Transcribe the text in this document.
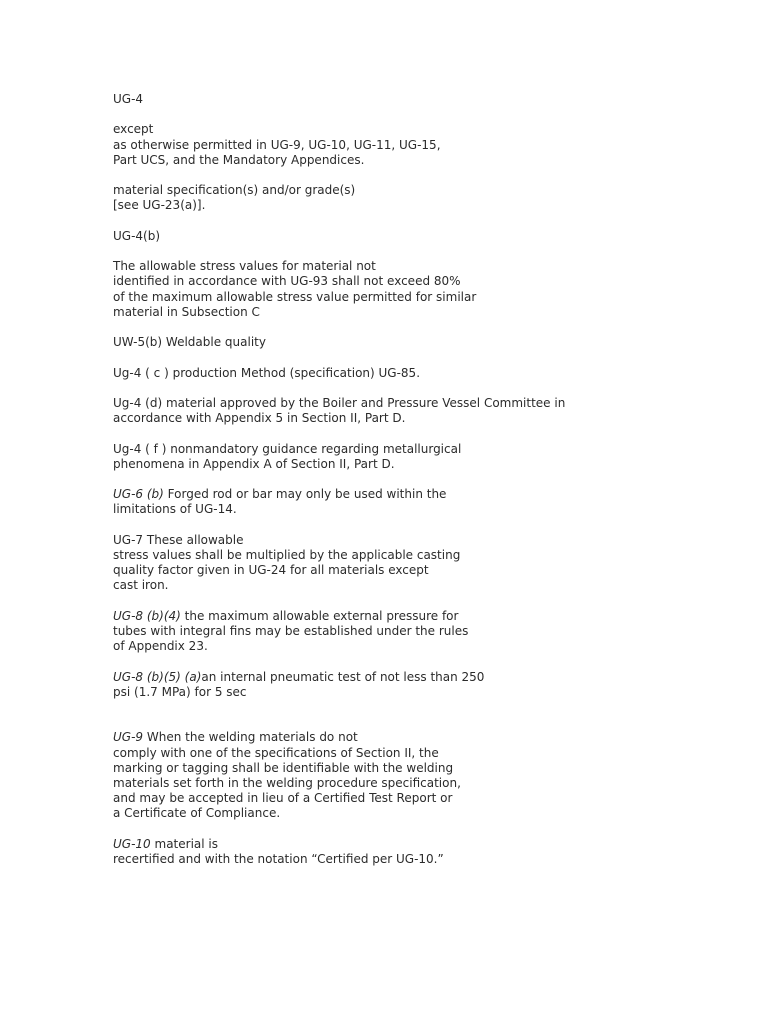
UG-4
except
as otherwise permitted in UG-9, UG-10, UG-11, UG-15,
Part UCS, and the Mandatory Appendices.
material specification(s) and/or grade(s)
[see UG-23(a)].
UG-4(b)
The allowable stress values for material not
identified in accordance with UG-93 shall not exceed 80%
of the maximum allowable stress value permitted for similar
material in Subsection C
UW-5(b) Weldable quality
Ug-4 ( c ) production Method (specification) UG-85.
Ug-4 (d) material approved by the Boiler and Pressure Vessel Committee in
accordance with Appendix 5 in Section II, Part D.
Ug-4 ( f ) nonmandatory guidance regarding metallurgical
phenomena in Appendix A of Section II, Part D.
UG-6 (b) Forged rod or bar may only be used within the
limitations of UG-14.
UG-7 These allowable
stress values shall be multiplied by the applicable casting
quality factor given in UG-24 for all materials except
cast iron.
UG-8 (b)(4) the maximum allowable external pressure for
tubes with integral fins may be established under the rules
of Appendix 23.
UG-8 (b)(5) (a)an internal pneumatic test of not less than 250
psi (1.7 MPa) for 5 sec
UG-9 When the welding materials do not
comply with one of the specifications of Section II, the
marking or tagging shall be identifiable with the welding
materials set forth in the welding procedure specification,
and may be accepted in lieu of a Certified Test Report or
a Certificate of Compliance.
UG-10 material is
recertified and with the notation “Certified per UG-10.”
